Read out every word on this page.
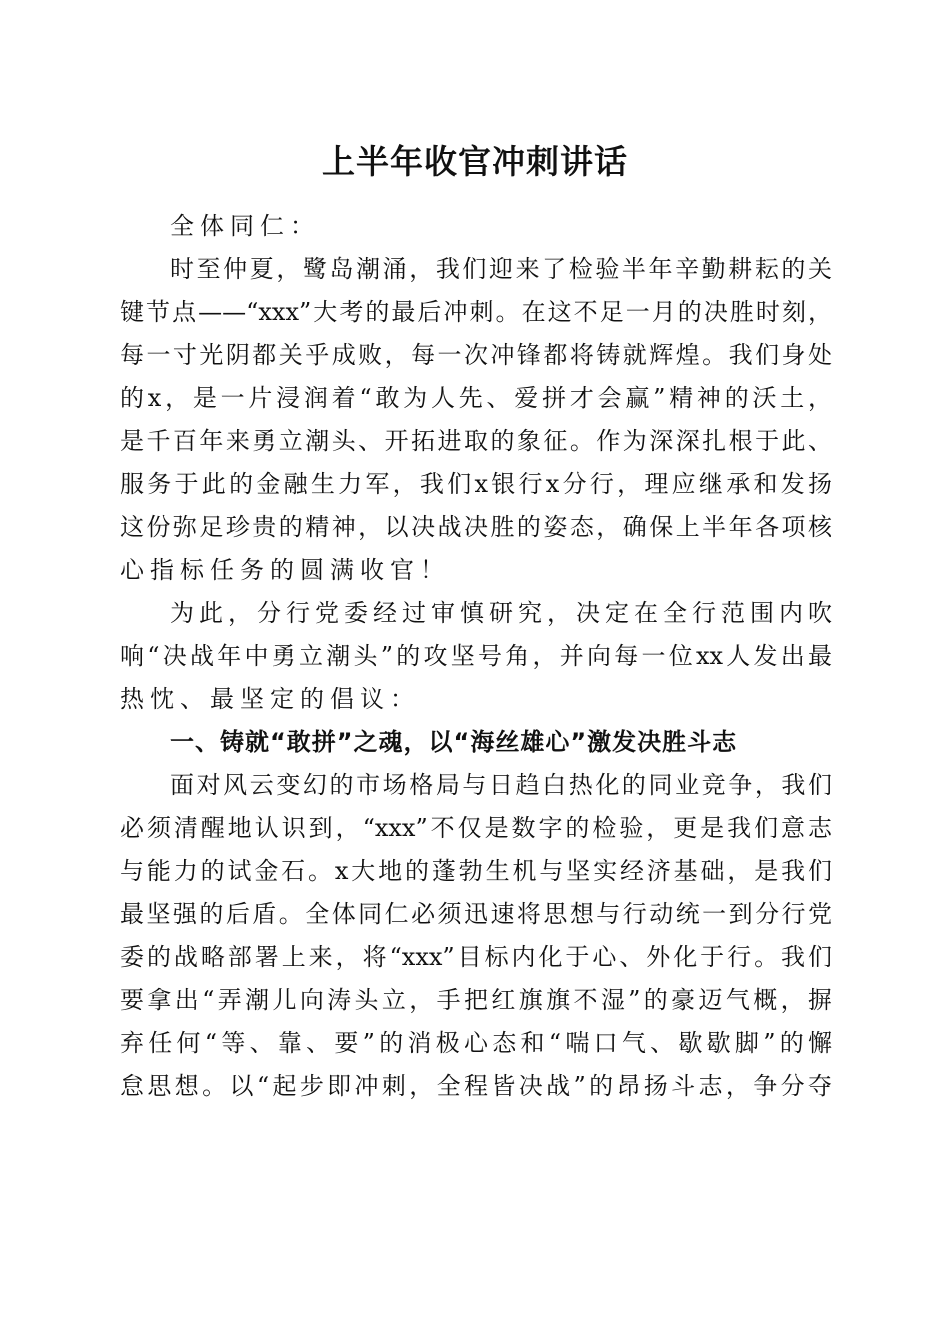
上半年收官冲刺讲话
全体同仁：
时至仲夏，鹭岛潮涌，我们迎来了检验半年辛勤耕耘的关
键节点——“xxx”大考的最后冲刺。在这不足一月的决胜时刻，
每一寸光阴都关乎成败，每一次冲锋都将铸就辉煌。我们身处
的x，是一片浸润着“敢为人先、爱拼才会赢”精神的沃土，
是千百年来勇立潮头、开拓进取的象征。作为深深扎根于此、
服务于此的金融生力军，我们x银行x分行，理应继承和发扬
这份弥足珍贵的精神，以决战决胜的姿态，确保上半年各项核
心指标任务的圆满收官！
为此，分行党委经过审慎研究，决定在全行范围内吹
响“决战年中勇立潮头”的攻坚号角，并向每一位xx人发出最
热忱、最坚定的倡议：
一、铸就“敢拼”之魂，以“海丝雄心”激发决胜斗志
面对风云变幻的市场格局与日趋白热化的同业竞争，我们
必须清醒地认识到，“xxx”不仅是数字的检验，更是我们意志
与能力的试金石。x大地的蓬勃生机与坚实经济基础，是我们
最坚强的后盾。全体同仁必须迅速将思想与行动统一到分行党
委的战略部署上来，将“xxx”目标内化于心、外化于行。我们
要拿出“弄潮儿向涛头立，手把红旗旗不湿”的豪迈气概，摒
弃任何“等、靠、要”的消极心态和“喘口气、歇歇脚”的懈
怠思想。以“起步即冲刺，全程皆决战”的昂扬斗志，争分夺
